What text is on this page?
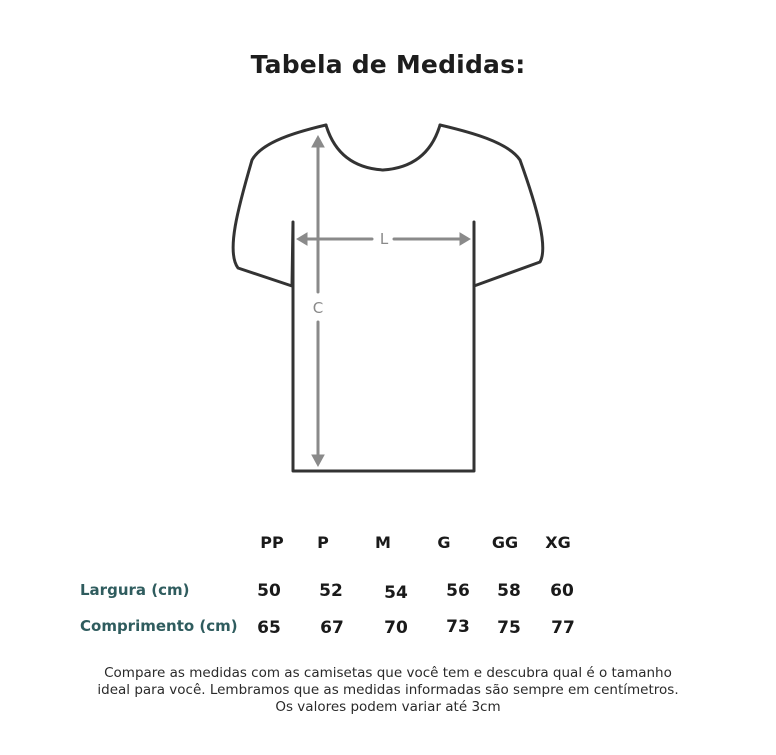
Tabela de Medidas:
L
C
PP P	M	G	GG XG
Largura (cm)	50 52 54 56 58 60
Comprimento (cm) 65 67 70 73 75 77
Compare as medidas com as camisetas que você tem e descubra qual é o tamanho
ideal para você. Lembramos que as medidas informadas são sempre em centímetros.
Os valores podem variar até 3cm
